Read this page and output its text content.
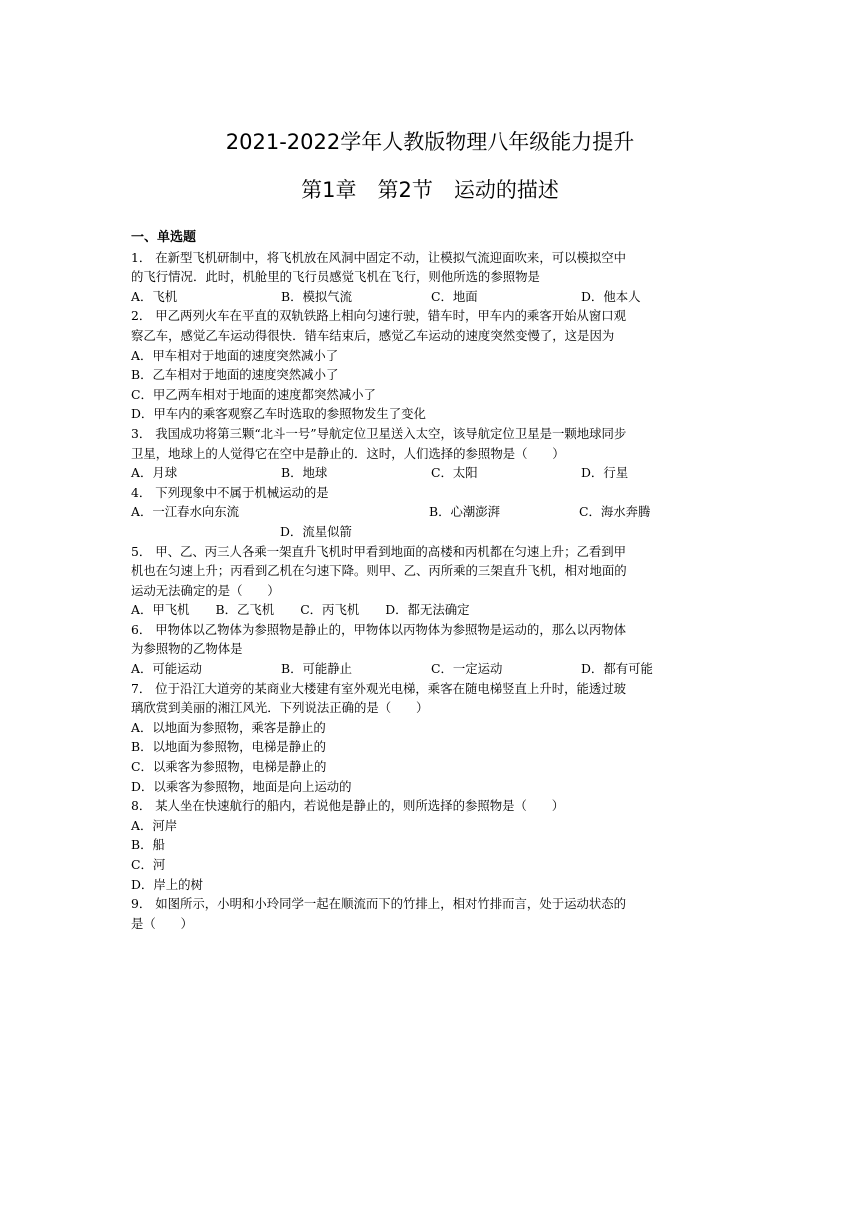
2021-2022学年人教版物理八年级能力提升
第1章　第2节　运动的描述

一、单选题

1． 在新型飞机研制中，将飞机放在风洞中固定不动，让模拟气流迎面吹来，可以模拟空中

的飞行情况．此时，机舱里的飞行员感觉飞机在飞行，则他所选的参照物是

A．飞机	B．模拟气流	C．地面	D．他本人

2． 甲乙两列火车在平直的双轨铁路上相向匀速行驶，错车时，甲车内的乘客开始从窗口观

察乙车，感觉乙车运动得很快．错车结束后，感觉乙车运动的速度突然变慢了，这是因为

A．甲车相对于地面的速度突然减小了

B．乙车相对于地面的速度突然减小了

C．甲乙两车相对于地面的速度都突然减小了

D．甲车内的乘客观察乙车时选取的参照物发生了变化

3． 我国成功将第三颗“北斗一号”导航定位卫星送入太空，该导航定位卫星是一颗地球同步

卫星，地球上的人觉得它在空中是静止的．这时，人们选择的参照物是（　　）

A．月球	B．地球	C．太阳	D．行星

4． 下列现象中不属于机械运动的是

A．一江春水向东流	B．心潮澎湃	C．海水奔腾

D．流星似箭

5． 甲、乙、丙三人各乘一架直升飞机时甲看到地面的高楼和丙机都在匀速上升；乙看到甲

机也在匀速上升；丙看到乙机在匀速下降。则甲、乙、丙所乘的三架直升飞机，相对地面的

运动无法确定的是（　　）

A．甲飞机 B．乙飞机 C．丙飞机 D．都无法确定

6． 甲物体以乙物体为参照物是静止的，甲物体以丙物体为参照物是运动的，那么以丙物体

为参照物的乙物体是

A．可能运动	B．可能静止	C．一定运动	D．都有可能

7． 位于沿江大道旁的某商业大楼建有室外观光电梯，乘客在随电梯竖直上升时，能透过玻

璃欣赏到美丽的湘江风光．下列说法正确的是（　　）

A．以地面为参照物，乘客是静止的

B．以地面为参照物，电梯是静止的

C．以乘客为参照物，电梯是静止的

D．以乘客为参照物，地面是向上运动的

8． 某人坐在快速航行的船内，若说他是静止的，则所选择的参照物是（　　）

A．河岸

B．船

C．河

D．岸上的树

9． 如图所示，小明和小玲同学一起在顺流而下的竹排上，相对竹排而言，处于运动状态的

是（　　）
